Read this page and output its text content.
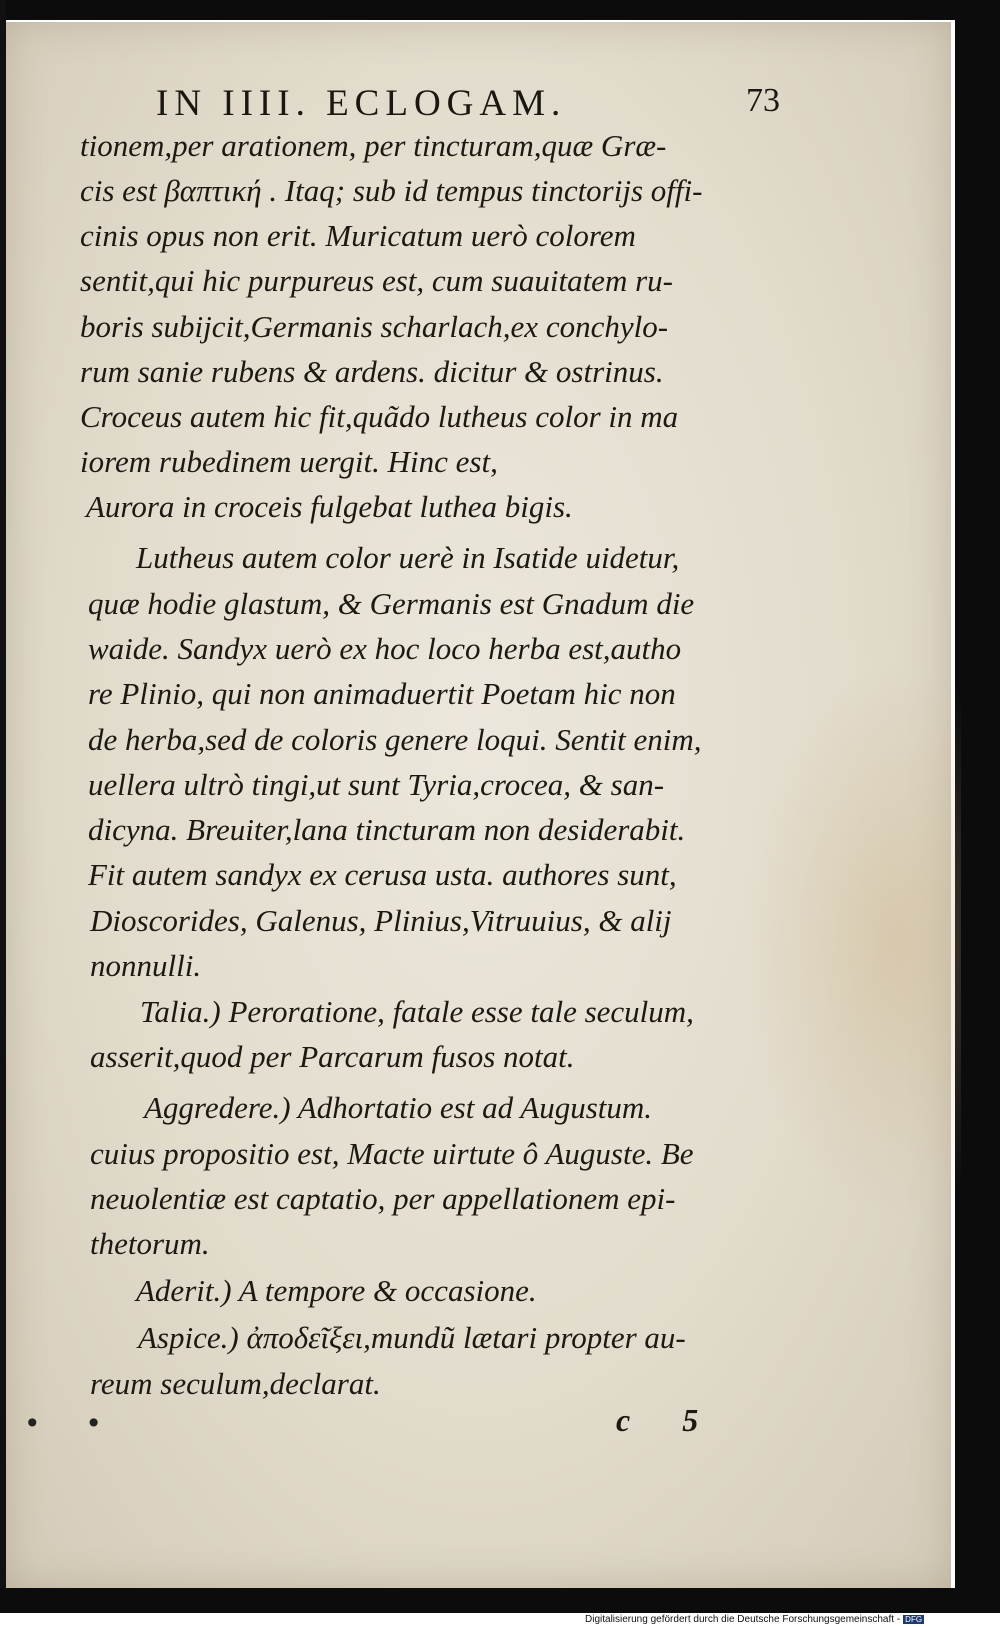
IN IIII. ECLOGAM.	73
tionem,per arationem, per tincturam,quæ Græ-
cis est βαπτική . Itaq; sub id tempus tinctorijs offi-
cinis opus non erit. Muricatum uerò colorem
sentit,qui hic purpureus est, cum suauitatem ru-
boris subijcit,Germanis scharlach,ex conchylo-
rum sanie rubens & ardens. dicitur & ostrinus.
Croceus autem hic fit,quãdo lutheus color in ma
iorem rubedinem uergit. Hinc est,
Aurora in croceis fulgebat luthea bigis.
Lutheus autem color uerè in Isatide uidetur,
quæ hodie glastum, & Germanis est Gnadum die
waide. Sandyx uerò ex hoc loco herba est,autho
re Plinio, qui non animaduertit Poetam hic non
de herba,sed de coloris genere loqui. Sentit enim,
uellera ultrò tingi,ut sunt Tyria,crocea, & san-
dicyna. Breuiter,lana tincturam non desiderabit.
Fit autem sandyx ex cerusa usta. authores sunt,
Dioscorides, Galenus, Plinius,Vitruuius, & alij
nonnulli.
Talia.) Peroratione, fatale esse tale seculum,
asserit,quod per Parcarum fusos notat.
Aggredere.) Adhortatio est ad Augustum.
cuius propositio est, Macte uirtute ô Auguste. Be
neuolentiæ est captatio, per appellationem epi-
thetorum.
Aderit.) A tempore & occasione.
Aspice.) ἀποδεῖξει,mundũ lætari propter au-
reum seculum,declarat.
• •	c 5
Digitalisierung gefördert durch die Deutsche Forschungsgemeinschaft - DFG
